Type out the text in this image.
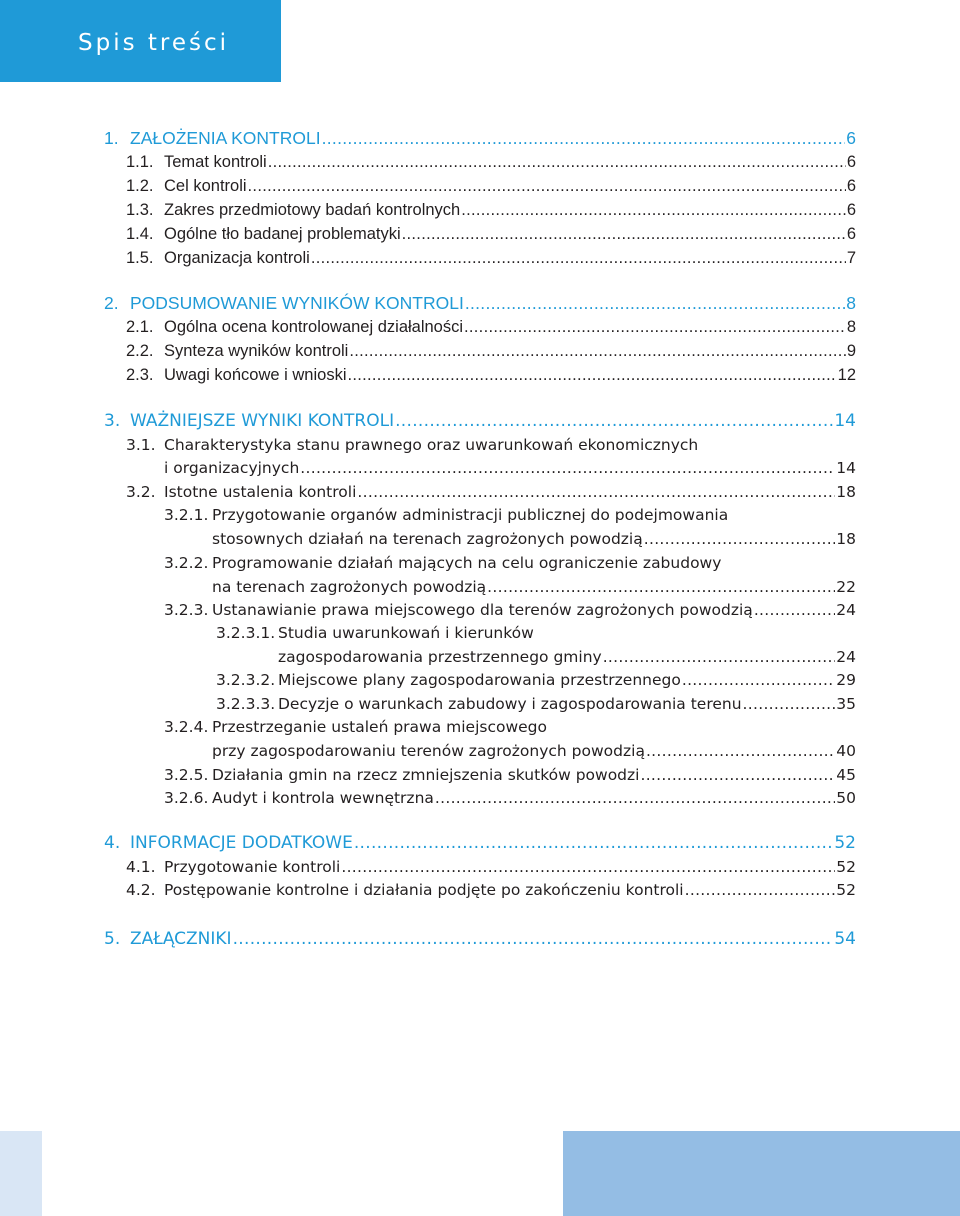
Spis treści
1. ZAŁOŻENIA KONTROLI .....	6
1.1. Temat kontroli .....	6
1.2. Cel kontroli .....	6
1.3. Zakres przedmiotowy badań kontrolnych .....	6
1.4. Ogólne tło badanej problematyki .....	6
1.5. Organizacja kontroli .....	7
2. PODSUMOWANIE WYNIKÓW KONTROLI .....	8
2.1. Ogólna ocena kontrolowanej działalności .....	8
2.2. Synteza wyników kontroli .....	9
2.3. Uwagi końcowe i wnioski .....	12
3. WAŻNIEJSZE WYNIKI KONTROLI .....	14
3.1. Charakterystyka stanu prawnego oraz uwarunkowań ekonomicznych
i organizacyjnych .....	14
3.2. Istotne ustalenia kontroli .....	18
3.2.1. Przygotowanie organów administracji publicznej do podejmowania
stosownych działań na terenach zagrożonych powodzią .....	18
3.2.2. Programowanie działań mających na celu ograniczenie zabudowy
na terenach zagrożonych powodzią .....	22
3.2.3. Ustanawianie prawa miejscowego dla terenów zagrożonych powodzią .....	24
3.2.3.1. Studia uwarunkowań i kierunków
zagospodarowania przestrzennego gminy .....	24
3.2.3.2. Miejscowe plany zagospodarowania przestrzennego .....	29
3.2.3.3. Decyzje o warunkach zabudowy i zagospodarowania terenu .....	35
3.2.4. Przestrzeganie ustaleń prawa miejscowego
przy zagospodarowaniu terenów zagrożonych powodzią .....	40
3.2.5. Działania gmin na rzecz zmniejszenia skutków powodzi .....	45
3.2.6. Audyt i kontrola wewnętrzna .....	50
4. INFORMACJE DODATKOWE .....	52
4.1. Przygotowanie kontroli .....	52
4.2. Postępowanie kontrolne i działania podjęte po zakończeniu kontroli .....	52
5. ZAŁĄCZNIKI .....	54
